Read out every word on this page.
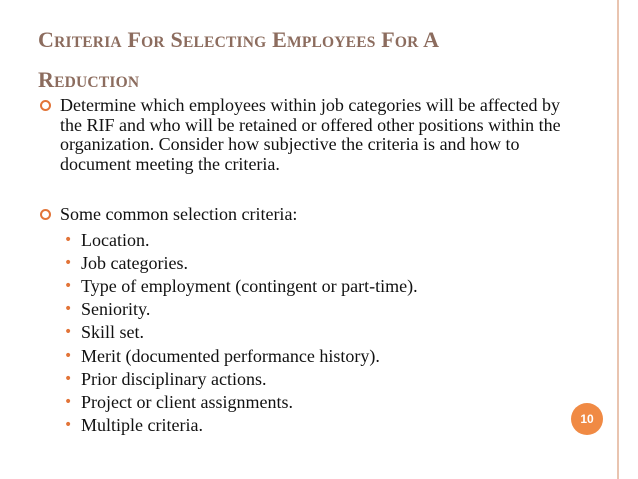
CRITERIA FOR SELECTING EMPLOYEES FOR A
REDUCTION
Determine which employees within job categories will be affected by the RIF and who will be retained or offered other positions within the organization. Consider how subjective the criteria is and how to document meeting the criteria.
Some common selection criteria:
• Location.
• Job categories.
• Type of employment (contingent or part-time).
• Seniority.
• Skill set.
• Merit (documented performance history).
• Prior disciplinary actions.
• Project or client assignments.
• Multiple criteria.	10
